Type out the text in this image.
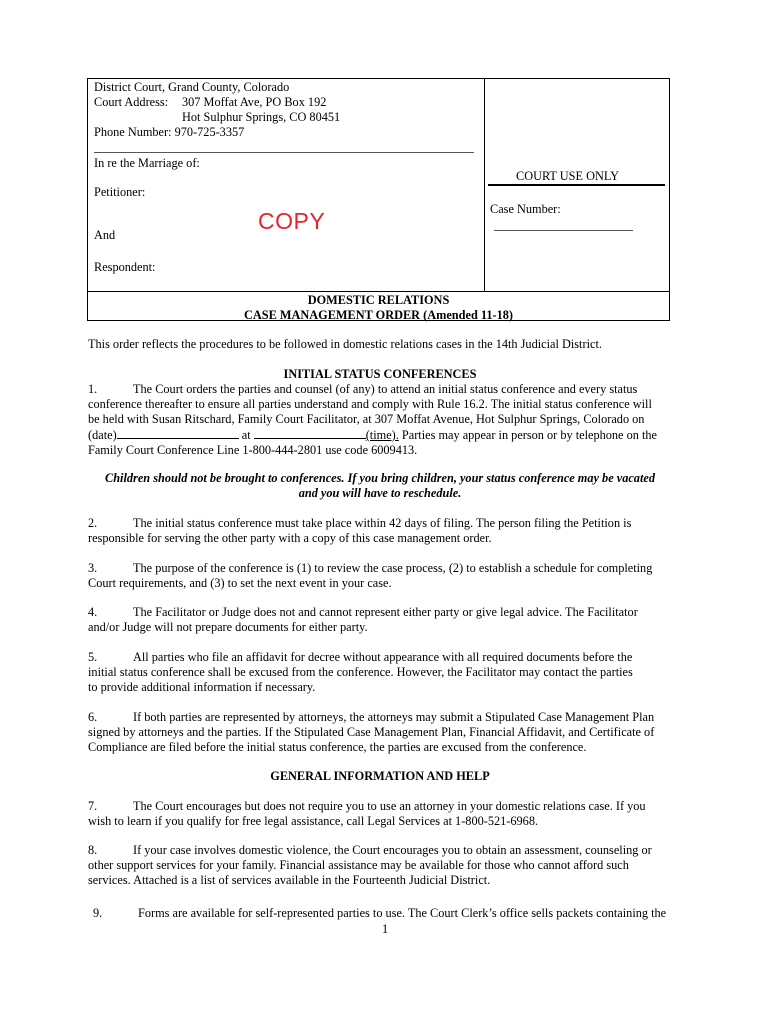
DOMESTIC RELATIONS
CASE MANAGEMENT ORDER (Amended 11-18)
District Court, Grand County, Colorado
Court Address: 307 Moffat Ave, PO Box 192
Hot Sulphur Springs, CO 80451
Phone Number: 970-725-3357
In re the Marriage of:
Petitioner:
And
COPY
Respondent:
COURT USE ONLY
Case Number:
This order reflects the procedures to be followed in domestic relations cases in the 14th Judicial District.
INITIAL STATUS CONFERENCES
1.	The Court orders the parties and counsel (of any) to attend an initial status conference and every status
conference thereafter to ensure all parties understand and comply with Rule 16.2. The initial status conference will
be held with Susan Ritschard, Family Court Facilitator, at 307 Moffat Avenue, Hot Sulphur Springs, Colorado on
(date)	at	(time). Parties may appear in person or by telephone on the
Family Court Conference Line 1-800-444-2801 use code 6009413.
Children should not be brought to conferences. If you bring children, your status conference may be vacated
and you will have to reschedule.
2.	The initial status conference must take place within 42 days of filing. The person filing the Petition is
responsible for serving the other party with a copy of this case management order.
3.	The purpose of the conference is (1) to review the case process, (2) to establish a schedule for completing
Court requirements, and (3) to set the next event in your case.
4.	The Facilitator or Judge does not and cannot represent either party or give legal advice. The Facilitator
and/or Judge will not prepare documents for either party.
5.	All parties who file an affidavit for decree without appearance with all required documents before the
initial status conference shall be excused from the conference. However, the Facilitator may contact the parties
to provide additional information if necessary.
6.	If both parties are represented by attorneys, the attorneys may submit a Stipulated Case Management Plan
signed by attorneys and the parties. If the Stipulated Case Management Plan, Financial Affidavit, and Certificate of
Compliance are filed before the initial status conference, the parties are excused from the conference.
GENERAL INFORMATION AND HELP
7.	The Court encourages but does not require you to use an attorney in your domestic relations case. If you
wish to learn if you qualify for free legal assistance, call Legal Services at 1-800-521-6968.
8.	If your case involves domestic violence, the Court encourages you to obtain an assessment, counseling or
other support services for your family. Financial assistance may be available for those who cannot afford such
services. Attached is a list of services available in the Fourteenth Judicial District.
9.	Forms are available for self-represented parties to use. The Court Clerk’s office sells packets containing the
1
